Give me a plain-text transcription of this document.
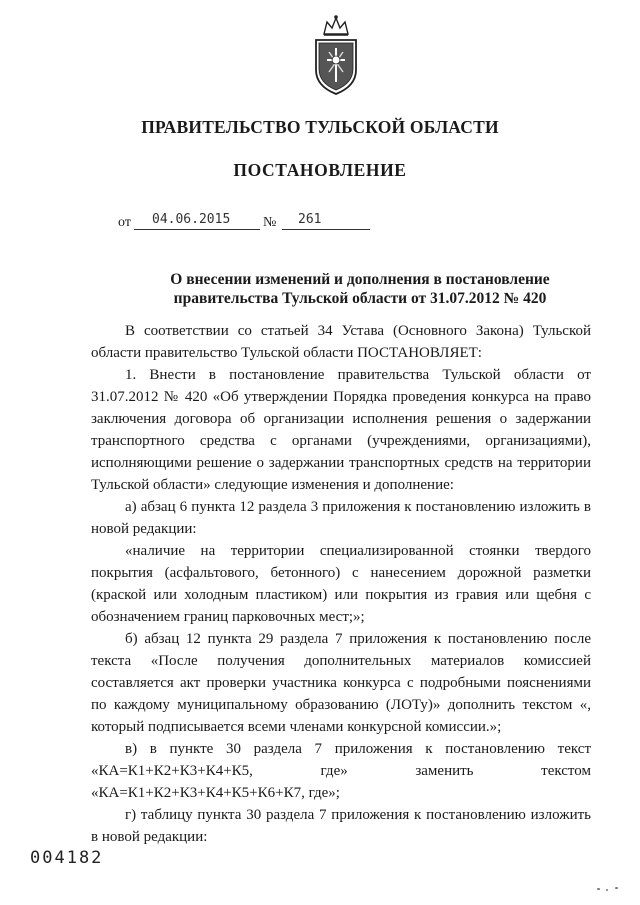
ПРАВИТЕЛЬСТВО ТУЛЬСКОЙ ОБЛАСТИ
ПОСТАНОВЛЕНИЕ
от	04.06.2015	№	261
О внесении изменений и дополнения в постановление
правительства Тульской области от 31.07.2012 № 420

В соответствии со статьей 34 Устава (Основного Закона) Тульской области правительство Тульской области ПОСТАНОВЛЯЕТ:

1. Внести в постановление правительства Тульской области от 31.07.2012 № 420 «Об утверждении Порядка проведения конкурса на право заключения договора об организации исполнения решения о задержании транспортного средства с органами (учреждениями, организациями), исполняющими решение о задержании транспортных средств на территории Тульской области» следующие изменения и дополнение:

а) абзац 6 пункта 12 раздела 3 приложения к постановлению изложить в новой редакции:

«наличие на территории специализированной стоянки твердого покрытия (асфальтового, бетонного) с нанесением дорожной разметки (краской или холодным пластиком) или покрытия из гравия или щебня с обозначением границ парковочных мест;»;

б) абзац 12 пункта 29 раздела 7 приложения к постановлению после текста «После получения дополнительных материалов комиссией составляется акт проверки участника конкурса с подробными пояснениями по каждому муниципальному образованию (ЛОТу)» дополнить текстом «, который подписывается всеми членами конкурсной комиссии.»;

в) в пункте 30 раздела 7 приложения к постановлению текст «КА=К1+К2+К3+К4+К5, где» заменить текстом «КА=К1+К2+К3+К4+К5+К6+К7, где»;

г) таблицу пункта 30 раздела 7 приложения к постановлению изложить в новой редакции:

004182
